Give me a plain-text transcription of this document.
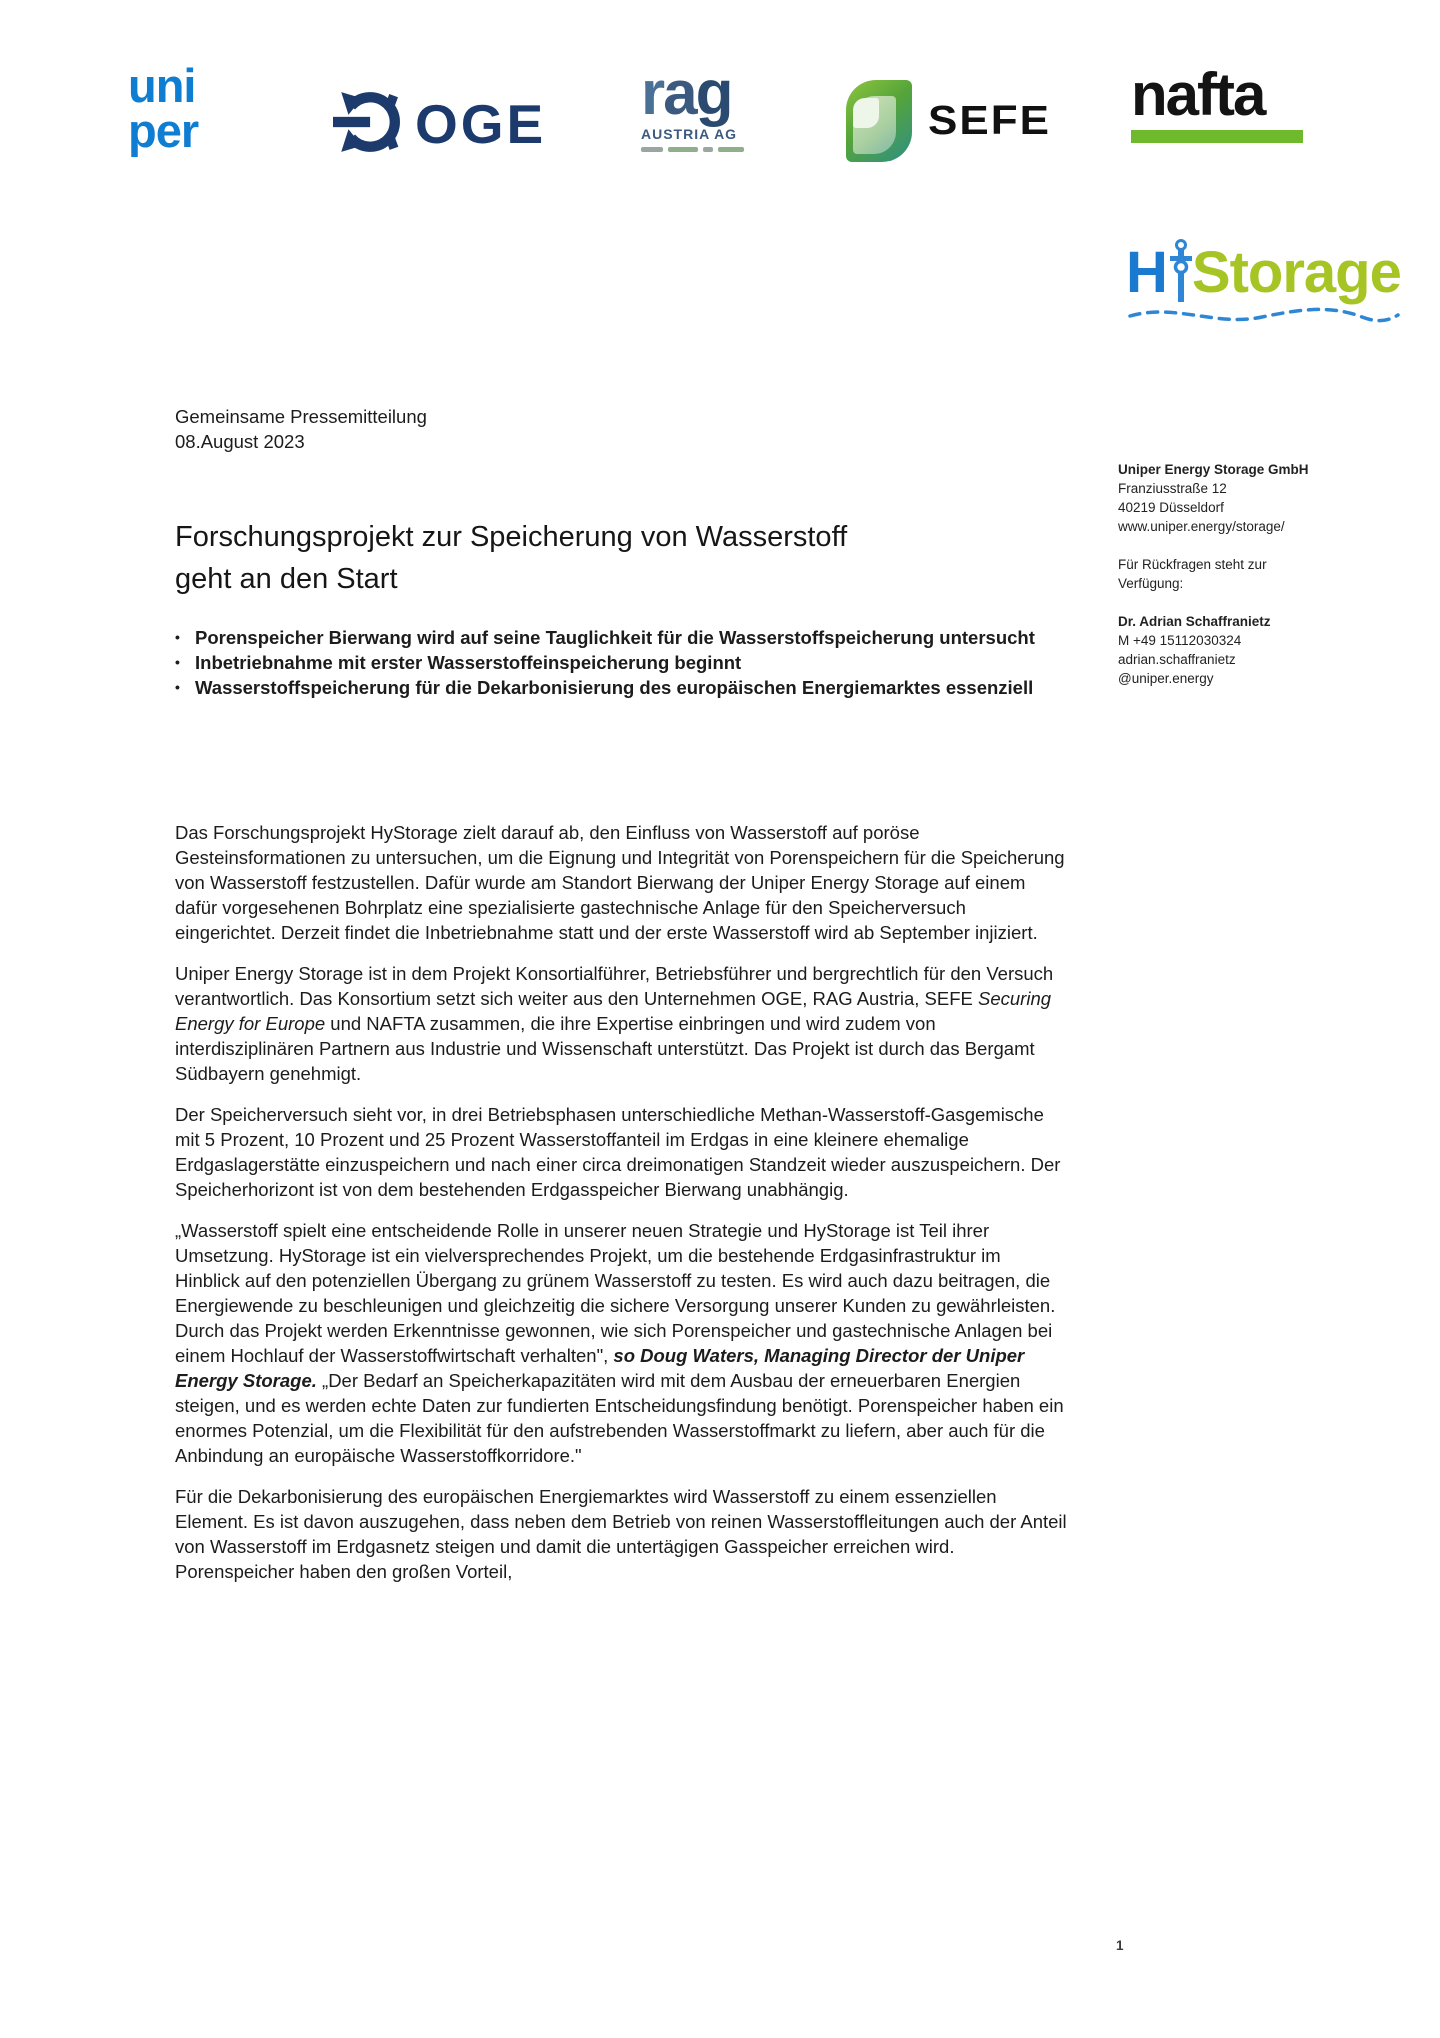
uni
per	OGE rag
AUSTRIA AG	SEFE nafta
H Storage
Gemeinsame Pressemitteilung
08.August 2023
Forschungsprojekt zur Speicherung von Wasserstoff
geht an den Start
• Porenspeicher Bierwang wird auf seine Tauglichkeit für die Wasserstoffspeicherung untersucht
• Inbetriebnahme mit erster Wasserstoffeinspeicherung beginnt
• Wasserstoffspeicherung für die Dekarbonisierung des europäischen Energiemarktes essenziell

Das Forschungsprojekt HyStorage zielt darauf ab, den Einfluss von Wasserstoff auf poröse Gesteinsformationen zu untersuchen, um die Eignung und Integrität von Porenspeichern für die Speicherung von Wasserstoff festzustellen. Dafür wurde am Standort Bierwang der Uniper Energy Storage auf einem dafür vorgesehenen Bohrplatz eine spezialisierte gastechnische Anlage für den Speicherversuch eingerichtet. Derzeit findet die Inbetriebnahme statt und der erste Wasserstoff wird ab September injiziert.

Uniper Energy Storage ist in dem Projekt Konsortialführer, Betriebsführer und bergrechtlich für den Versuch verantwortlich. Das Konsortium setzt sich weiter aus den Unternehmen OGE, RAG Austria, SEFE Securing Energy for Europe und NAFTA zusammen, die ihre Expertise einbringen und wird zudem von interdisziplinären Partnern aus Industrie und Wissenschaft unterstützt. Das Projekt ist durch das Bergamt Südbayern genehmigt.

Der Speicherversuch sieht vor, in drei Betriebsphasen unterschiedliche Methan-Wasserstoff-Gasgemische mit 5 Prozent, 10 Prozent und 25 Prozent Wasserstoffanteil im Erdgas in eine kleinere ehemalige Erdgaslagerstätte einzuspeichern und nach einer circa dreimonatigen Standzeit wieder auszuspeichern. Der Speicherhorizont ist von dem bestehenden Erdgasspeicher Bierwang unabhängig.

„Wasserstoff spielt eine entscheidende Rolle in unserer neuen Strategie und HyStorage ist Teil ihrer Umsetzung. HyStorage ist ein vielversprechendes Projekt, um die bestehende Erdgasinfrastruktur im Hinblick auf den potenziellen Übergang zu grünem Wasserstoff zu testen. Es wird auch dazu beitragen, die Energiewende zu beschleunigen und gleichzeitig die sichere Versorgung unserer Kunden zu gewährleisten. Durch das Projekt werden Erkenntnisse gewonnen, wie sich Porenspeicher und gastechnische Anlagen bei einem Hochlauf der Wasserstoffwirtschaft verhalten", so Doug Waters, Managing Director der Uniper Energy Storage. „Der Bedarf an Speicherkapazitäten wird mit dem Ausbau der erneuerbaren Energien steigen, und es werden echte Daten zur fundierten Entscheidungsfindung benötigt. Porenspeicher haben ein enormes Potenzial, um die Flexibilität für den aufstrebenden Wasserstoffmarkt zu liefern, aber auch für die Anbindung an europäische Wasserstoffkorridore."

Für die Dekarbonisierung des europäischen Energiemarktes wird Wasserstoff zu einem essenziellen Element. Es ist davon auszugehen, dass neben dem Betrieb von reinen Wasserstoffleitungen auch der Anteil von Wasserstoff im Erdgasnetz steigen und damit die untertägigen Gasspeicher erreichen wird. Porenspeicher haben den großen Vorteil,

Uniper Energy Storage GmbH
Franziusstraße 12
40219 Düsseldorf
www.uniper.energy/storage/
Für Rückfragen steht zur
Verfügung:
Dr. Adrian Schaffranietz
M +49 15112030324
adrian.schaffranietz
@uniper.energy
1
